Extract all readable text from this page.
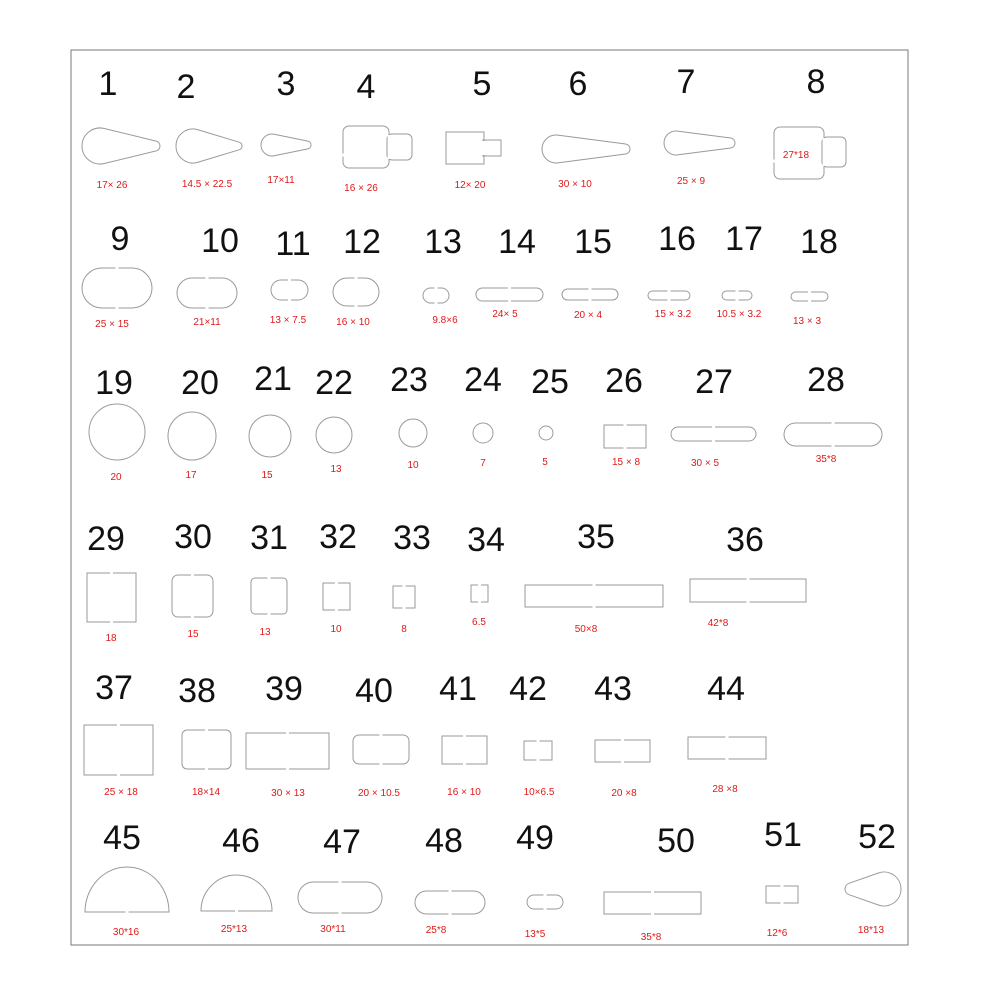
1
17× 26
2
14.5 × 22.5
3
17×11
4
16 × 26
5
12× 20
6
30 × 10
7
25 × 9
8
27*18
9
25 × 15
10
21×11
11
13 × 7.5
12
16 × 10
13
9.8×6
14
24× 5
15
20 × 4
16
15 × 3.2
17
10.5 × 3.2
18
13 × 3
19
20
20
17
21
15
22
13
23
10
24
7
25
5
26
15 × 8
27
30 × 5
28
35*8
29
18
30
15
31
13
32
10
33
8
34
6.5
35
50×8
36
42*8
37
25 × 18
38
18×14
39
30 × 13
40
20 × 10.5
41
16 × 10
42
10×6.5
43
20 ×8
44
28 ×8
45
30*16
46
25*13
47
30*11
48
25*8
49
13*5
50
35*8
51
12*6
52
18*13
